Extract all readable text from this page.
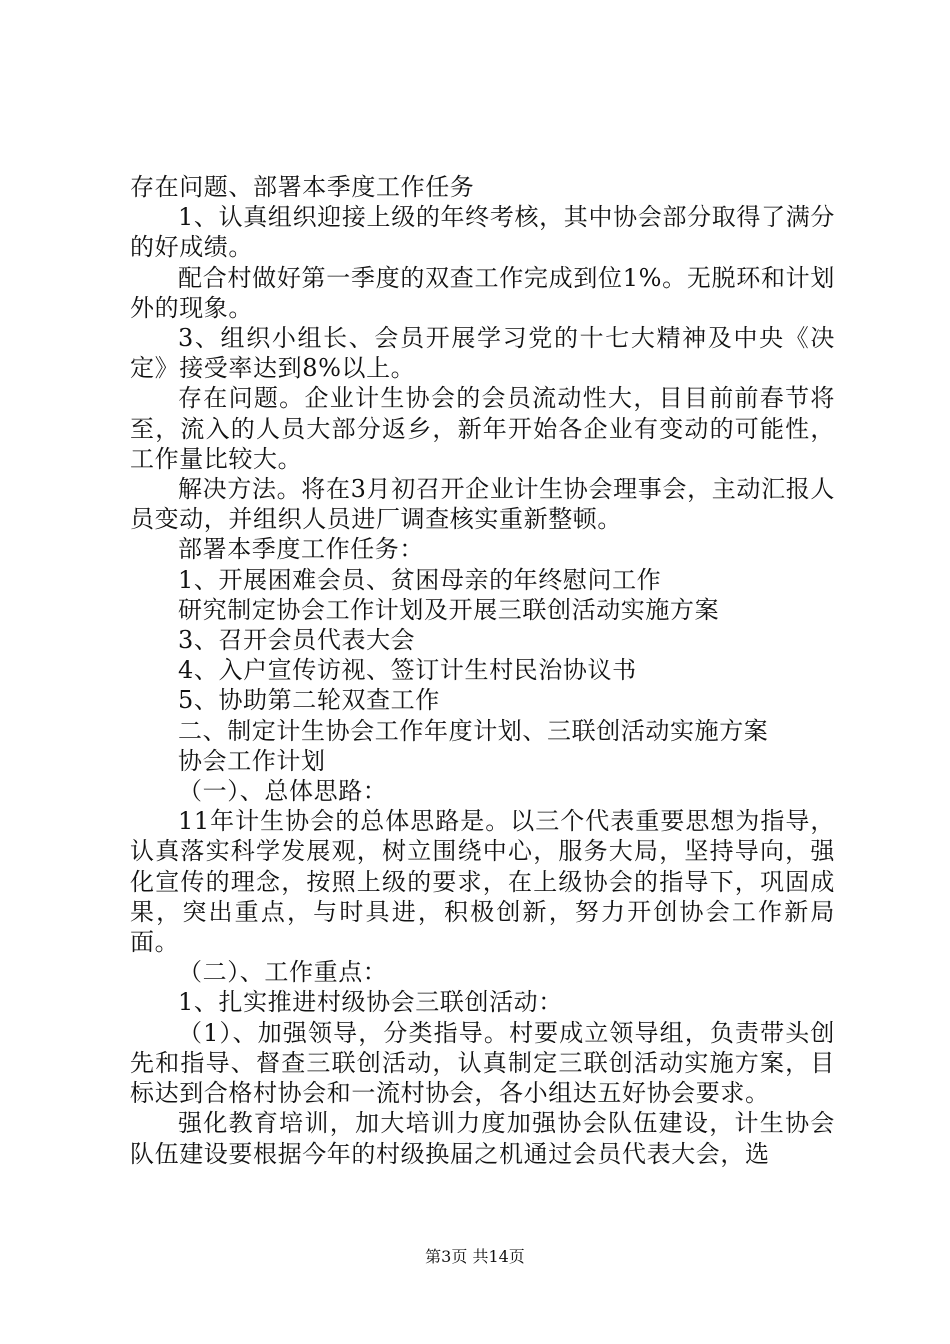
存在问题、部署本季度工作任务

1、认真组织迎接上级的年终考核，其中协会部分取得了满分的好成绩。

配合村做好第一季度的双查工作完成到位1%。无脱环和计划外的现象。

3、组织小组长、会员开展学习党的十七大精神及中央《决定》接受率达到8%以上。

存在问题。企业计生协会的会员流动性大，目目前前春节将至，流入的人员大部分返乡，新年开始各企业有变动的可能性，工作量比较大。

解决方法。将在3月初召开企业计生协会理事会，主动汇报人员变动，并组织人员进厂调查核实重新整顿。

部署本季度工作任务：

1、开展困难会员、贫困母亲的年终慰问工作

研究制定协会工作计划及开展三联创活动实施方案

3、召开会员代表大会

4、入户宣传访视、签订计生村民治协议书

5、协助第二轮双查工作

二、制定计生协会工作年度计划、三联创活动实施方案

协会工作计划

（一）、总体思路：

11年计生协会的总体思路是。以三个代表重要思想为指导，认真落实科学发展观，树立围绕中心，服务大局，坚持导向，强化宣传的理念，按照上级的要求，在上级协会的指导下，巩固成果，突出重点，与时具进，积极创新，努力开创协会工作新局面。

（二）、工作重点：

1、扎实推进村级协会三联创活动：

（1）、加强领导，分类指导。村要成立领导组，负责带头创先和指导、督查三联创活动，认真制定三联创活动实施方案，目标达到合格村协会和一流村协会，各小组达五好协会要求。

强化教育培训，加大培训力度加强协会队伍建设，计生协会队伍建设要根据今年的村级换届之机通过会员代表大会，选

第3页 共14页
